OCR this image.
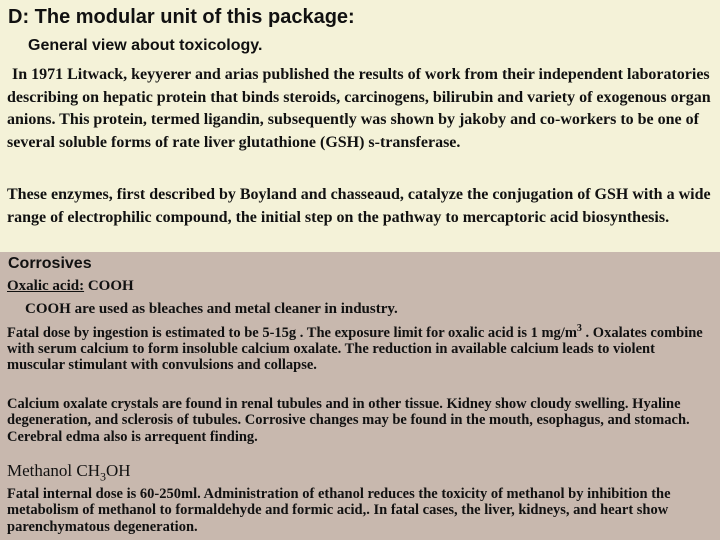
D: The modular unit of this package:
General view about toxicology.

In 1971 Litwack, keyyerer and arias published the results of work from their independent laboratories describing on hepatic protein that binds steroids, carcinogens, bilirubin and variety of exogenous organ anions. This protein, termed ligandin, subsequently was shown by jakoby and co-workers to be one of several soluble forms of rate liver glutathione (GSH) s-transferase.

These enzymes, first described by Boyland and chasseaud, catalyze the conjugation of GSH with a wide range of electrophilic compound, the initial step on the pathway to mercaptoric acid biosynthesis.

Corrosives

Oxalic acid: COOH

COOH are used as bleaches and metal cleaner in industry.

Fatal dose by ingestion is estimated to be 5-15g . The exposure limit for oxalic acid is 1 $mg/m^3$ . Oxalates combine with serum calcium to form insoluble calcium oxalate. The reduction in available calcium leads to violent muscular stimulant with convulsions and collapse.

Calcium oxalate crystals are found in renal tubules and in other tissue. Kidney show cloudy swelling. Hyaline degeneration, and sclerosis of tubules. Corrosive changes may be found in the mouth, esophagus, and stomach. Cerebral edma also is arrequent finding.

Methanol $CH_3OH$

Fatal internal dose is 60-250ml. Administration of ethanol reduces the toxicity of methanol by inhibition the metabolism of methanol to formaldehyde and formic acid,. In fatal cases, the liver, kidneys, and heart show parenchymatous degeneration.
